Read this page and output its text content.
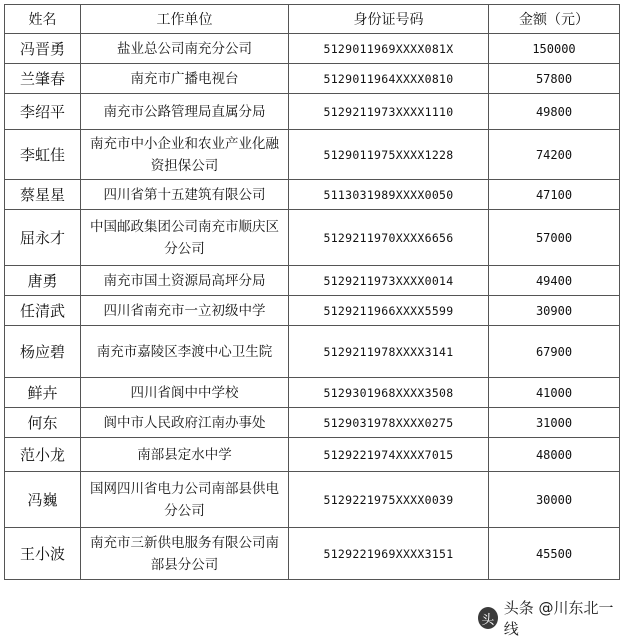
姓名	工作单位	身份证号码	金额（元）
冯晋勇	盐业总公司南充分公司	5129011969XXXX081X	150000
兰肇春	南充市广播电视台	5129011964XXXX0810	57800
李绍平	南充市公路管理局直属分局	5129211973XXXX1110	49800
李虹佳	南充市中小企业和农业产业化融资担保公司	5129011975XXXX1228	74200
蔡星星	四川省第十五建筑有限公司	5113031989XXXX0050	47100
屈永才	中国邮政集团公司南充市顺庆区分公司	5129211970XXXX6656	57000
唐勇	南充市国土资源局高坪分局	5129211973XXXX0014	49400
任清武	四川省南充市一立初级中学	5129211966XXXX5599	30900
杨应碧	南充市嘉陵区李渡中心卫生院	5129211978XXXX3141	67900
鲜卉	四川省阆中中学校	5129301968XXXX3508	41000
何东	阆中市人民政府江南办事处	5129031978XXXX0275	31000
范小龙	南部县定水中学	5129221974XXXX7015	48000
冯巍	国网四川省电力公司南部县供电分公司	5129221975XXXX0039	30000
王小波	南充市三新供电服务有限公司南部县分公司	5129221969XXXX3151	45500
头
头条 @川东北一线
